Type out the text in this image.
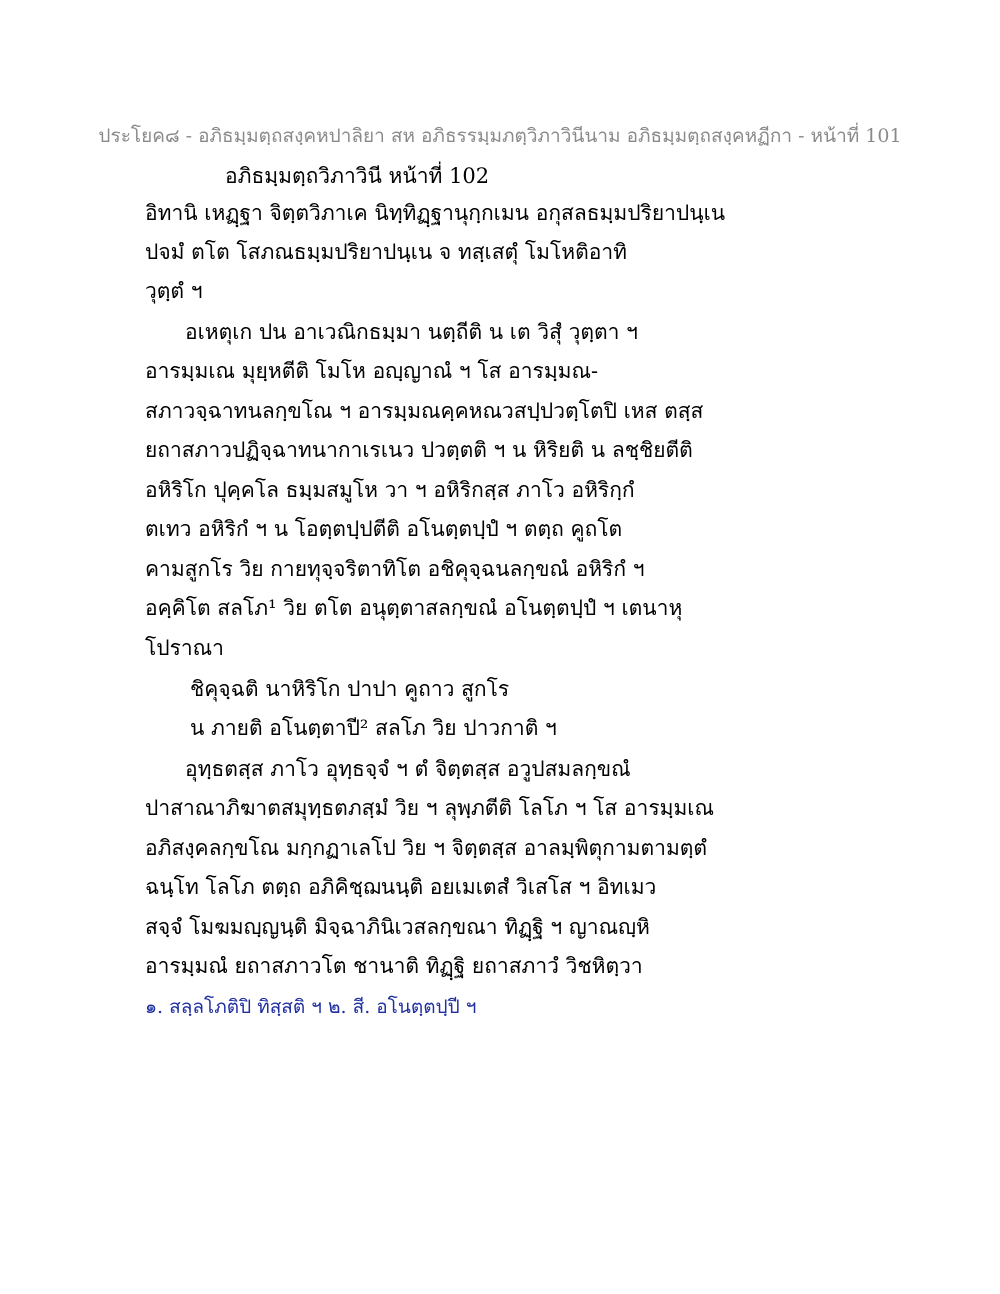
ประโยค๘ - อภิธมฺมตฺถสงฺคหปาลิยา สห อภิธรรมฺมภตฺวิภาวินีนาม อภิธมฺมตฺถสงฺคหฏีกา - หน้าที่ 101
อภิธมฺมตฺถวิภาวินี หน้าที่ 102
อิทานิ เหฏฺฐา จิตฺตวิภาเค นิทฺทิฏฺฐานุกฺกเมน อกุสลธมฺมปริยาปนฺเน
ปจมํ ตโต โสภณธมฺมปริยาปนฺเน จ ทสฺเสตุํ โมโหติอาทิ
วุตฺตํ ฯ
อเหตุเก ปน อาเวณิกธมฺมา นตฺถีติ น เต วิสุํ วุตฺตา ฯ
อารมฺมเณ มุยฺหตีติ โมโห อญฺญาณํ ฯ โส อารมฺมณ-
สภาวจฺฉาทนลกฺขโณ ฯ อารมฺมณคฺคหณวสปฺปวตฺโตปิ เหส ตสฺส
ยถาสภาวปฏิจฺฉาทนากาเรเนว ปวตฺตติ ฯ น หิริยติ น ลชฺชิยตีติ
อหิริโก ปุคฺคโล ธมฺมสมูโห วา ฯ อหิริกสฺส ภาโว อหิริกฺกํ
ตเทว อหิริกํ ฯ น โอตฺตปฺปตีติ อโนตฺตปฺปํ ฯ ตตฺถ คูถโต
คามสูกโร วิย กายทุจฺจริตาทิโต อชิคุจฺฉนลกฺขณํ อหิริกํ ฯ
อคฺคิโต สลโภ¹ วิย ตโต อนุตฺตาสลกฺขณํ อโนตฺตปฺปํ ฯ เตนาหุ
โปราณา
ชิคุจฺฉติ นาหิริโก ปาปา คูถาว สูกโร
น ภายติ อโนตฺตาปี² สลโภ วิย ปาวกาติ ฯ
อุทฺธตสฺส ภาโว อุทฺธจฺจํ ฯ ตํ จิตฺตสฺส อวูปสมลกฺขณํ
ปาสาณาภิฆาตสมุทฺธตภสฺมํ วิย ฯ ลุพฺภตีติ โลโภ ฯ โส อารมฺมเณ
อภิสงฺคลกฺขโณ มกฺกฏาเลโป วิย ฯ จิตฺตสฺส อาลมฺพิตุกามตามตฺตํ
ฉนฺโท โลโภ ตตฺถ อภิคิชฺฌนนฺติ อยเมเตสํ วิเสโส ฯ อิทเมว
สจฺจํ โมฆมญฺญนฺติ มิจฺฉาภินิเวสลกฺขณา ทิฏฺฐิ ฯ ญาณญฺหิ
อารมฺมณํ ยถาสภาวโต ชานาติ ทิฏฺฐิ ยถาสภาวํ วิชหิตฺวา
๑. สลฺลโภติปิ ทิสฺสติ ฯ ๒. สี. อโนตฺตปฺปี ฯ
